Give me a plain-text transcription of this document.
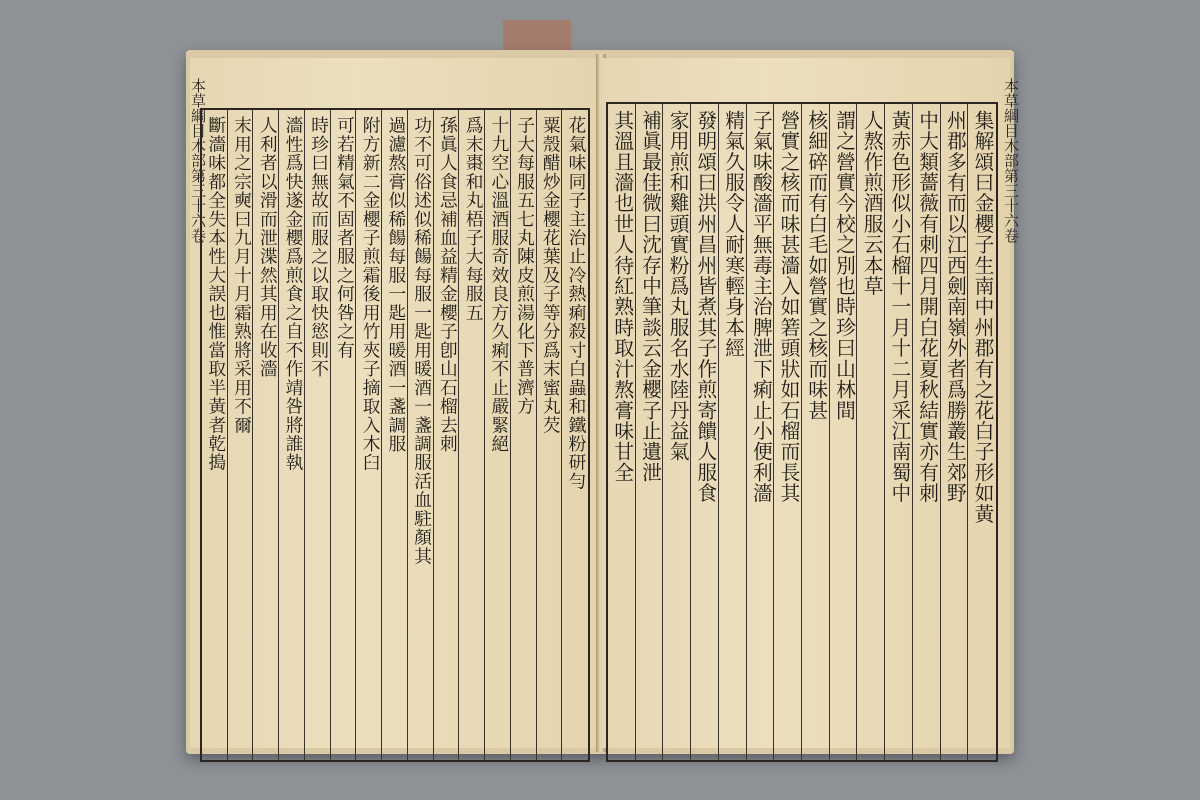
本草綱目木部第三十六卷	花氣味同子主治止冷熱痢殺寸白蟲和鐵粉研勻
粟殼醋炒金櫻花葉及子等分爲末蜜丸芡
子大每服五七丸陳皮煎湯化下普濟方
十九空心溫酒服奇效良方久痢不止嚴緊絕
爲末棗和丸梧子大每服五
孫眞人食忌補血益精金櫻子卽山石榴去刺
功不可俗述似稀餳每服一匙用暖酒一盞調服活血駐顏其
過濾熬膏似稀餳每服一匙用暖酒一盞調服
附方新二金櫻子煎霜後用竹夾子摘取入木臼
可若精氣不固者服之何咎之有
時珍曰無故而服之以取快慾則不
濇性爲快遂金櫻爲煎食之自不作靖咎將誰執
人利者以滑而泄渫然其用在收濇
末用之宗奭曰九月十月霜熟將采用不爾
斷濇味都全失本性大誤也惟當取半黃者乾搗	本草綱目木部第三十六卷
集解頌曰金櫻子生南中州郡有之花白子形如黃
州郡多有而以江西劍南嶺外者爲勝叢生郊野
中大類薔薇有刺四月開白花夏秋結實亦有刺
黃赤色形似小石榴十一月十二月采江南蜀中
人熬作煎酒服云本草
謂之營實今校之別也時珍曰山林間
核細碎而有白毛如營實之核而味甚
營實之核而味甚濇入如箬頭狀如石榴而長其
子氣味酸濇平無毒主治脾泄下痢止小便利濇
精氣久服令人耐寒輕身本經
發明頌曰洪州昌州皆煮其子作煎寄饋人服食
家用煎和雞頭實粉爲丸服名水陸丹益氣
補眞最佳微曰沈存中筆談云金櫻子止遺泄
其溫且濇也世人待紅熟時取汁熬膏味甘全
